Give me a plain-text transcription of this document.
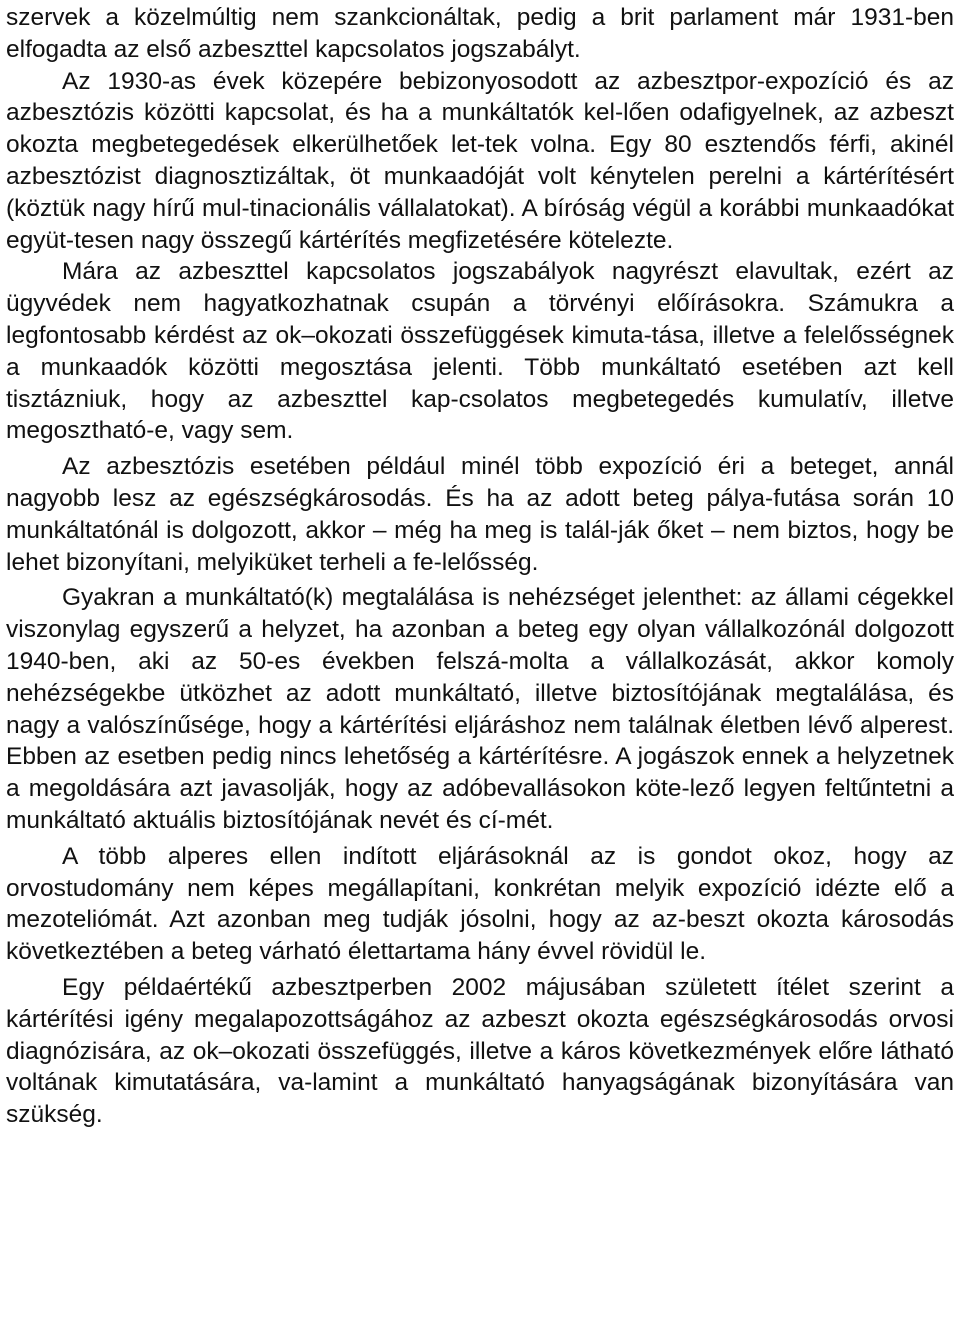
szervek a közelmúltig nem szankcionáltak, pedig a brit parlament már 1931-ben elfogadta az első azbeszttel kapcsolatos jogszabályt.

Az 1930-as évek közepére bebizonyosodott az azbesztpor-expozíció és az azbesztózis közötti kapcsolat, és ha a munkáltatók kel-lően odafigyelnek, az azbeszt okozta megbetegedések elkerülhetőek let-tek volna. Egy 80 esztendős férfi, akinél azbesztózist diagnosztizáltak, öt munkaadóját volt kénytelen perelni a kártérítésért (köztük nagy hírű mul-tinacionális vállalatokat). A bíróság végül a korábbi munkaadókat együt-tesen nagy összegű kártérítés megfizetésére kötelezte.

Mára az azbeszttel kapcsolatos jogszabályok nagyrészt elavultak, ezért az ügyvédek nem hagyatkozhatnak csupán a törvényi előírásokra. Számukra a legfontosabb kérdést az ok–okozati összefüggések kimuta-tása, illetve a felelősségnek a munkaadók közötti megosztása jelenti. Több munkáltató esetében azt kell tisztázniuk, hogy az azbeszttel kap-csolatos megbetegedés kumulatív, illetve megosztható-e, vagy sem.

Az azbesztózis esetében például minél több expozíció éri a beteget, annál nagyobb lesz az egészségkárosodás. És ha az adott beteg pálya-futása során 10 munkáltatónál is dolgozott, akkor – még ha meg is talál-ják őket – nem biztos, hogy be lehet bizonyítani, melyiküket terheli a fe-lelősség.

Gyakran a munkáltató(k) megtalálása is nehézséget jelenthet: az állami cégekkel viszonylag egyszerű a helyzet, ha azonban a beteg egy olyan vállalkozónál dolgozott 1940-ben, aki az 50-es években felszá-molta a vállalkozását, akkor komoly nehézségekbe ütközhet az adott munkáltató, illetve biztosítójának megtalálása, és nagy a valószínűsége, hogy a kártérítési eljáráshoz nem találnak életben lévő alperest. Ebben az esetben pedig nincs lehetőség a kártérítésre. A jogászok ennek a helyzetnek a megoldására azt javasolják, hogy az adóbevallásokon köte-lező legyen feltűntetni a munkáltató aktuális biztosítójának nevét és cí-mét.

A több alperes ellen indított eljárásoknál az is gondot okoz, hogy az orvostudomány nem képes megállapítani, konkrétan melyik expozíció idézte elő a mezoteliómát. Azt azonban meg tudják jósolni, hogy az az-beszt okozta károsodás következtében a beteg várható élettartama hány évvel rövidül le.

Egy példaértékű azbesztperben 2002 májusában született ítélet szerint a kártérítési igény megalapozottságához az azbeszt okozta egészségkárosodás orvosi diagnózisára, az ok–okozati összefüggés, illetve a káros következmények előre látható voltának kimutatására, va-lamint a munkáltató hanyagságának bizonyítására van szükség.
